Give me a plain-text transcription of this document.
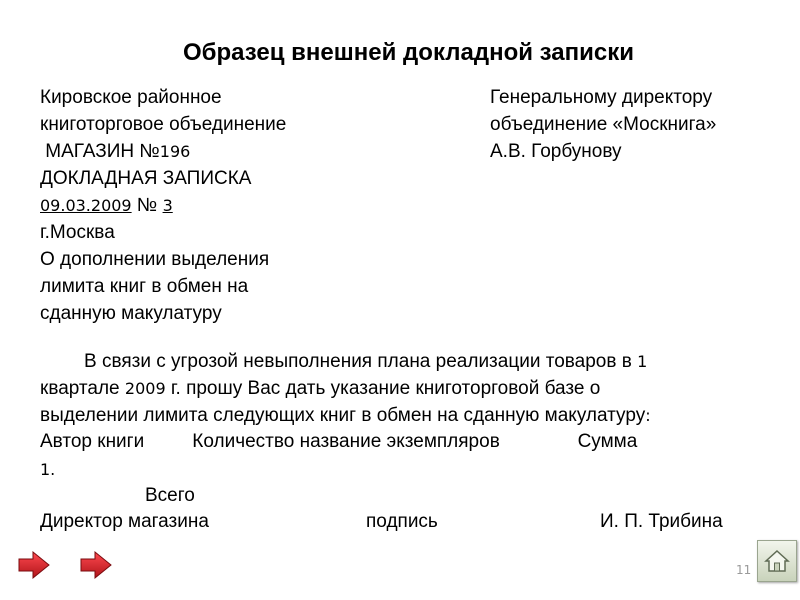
Образец внешней докладной записки
Кировское районное
книготорговое объединение
МАГАЗИН №196
ДОКЛАДНАЯ ЗАПИСКА
09.03.2009 № 3
г.Москва
О дополнении выделения
лимита книг в обмен на
сданную макулатуру
Генеральному директору
объединение «Москнига»
А.В. Горбунову

В связи с угрозой невыполнения плана реализации товаров в 1

квартале 2009 г. прошу Вас дать указание книготорговой базе о

выделении лимита следующих книг в обмен на сданную макулатуру:

Автор книги	Количество название экземпляров	Сумма
1.
Всего
Директор магазина	подпись	И. П. Трибина
11
